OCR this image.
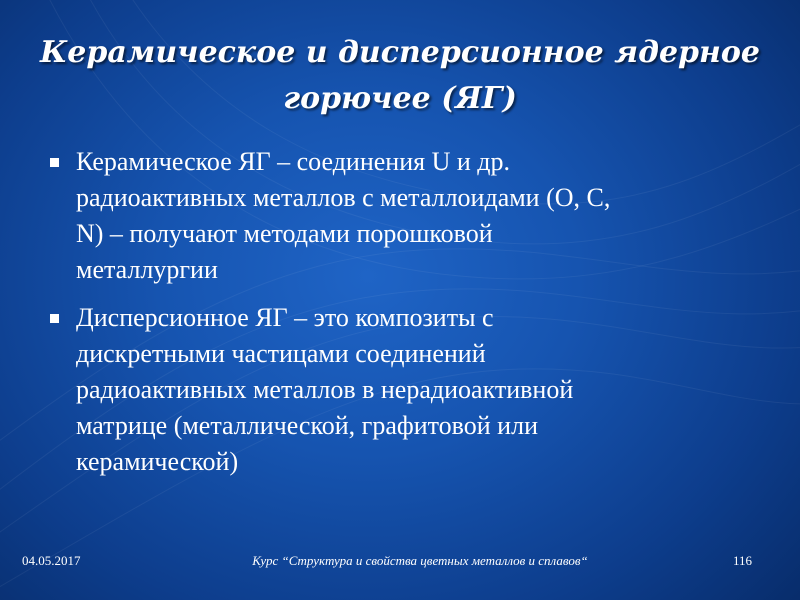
Керамическое и дисперсионное ядерное
горючее (ЯГ)
Керамическое ЯГ – соединения U и др.
радиоактивных металлов с металлоидами (O, C,
N) – получают методами порошковой
металлургии
Дисперсионное ЯГ – это композиты с
дискретными частицами соединений
радиоактивных металлов в нерадиоактивной
матрице (металлической, графитовой или
керамической)
04.05.2017	Курс “Структура и свойства цветных металлов и сплавов“	116
